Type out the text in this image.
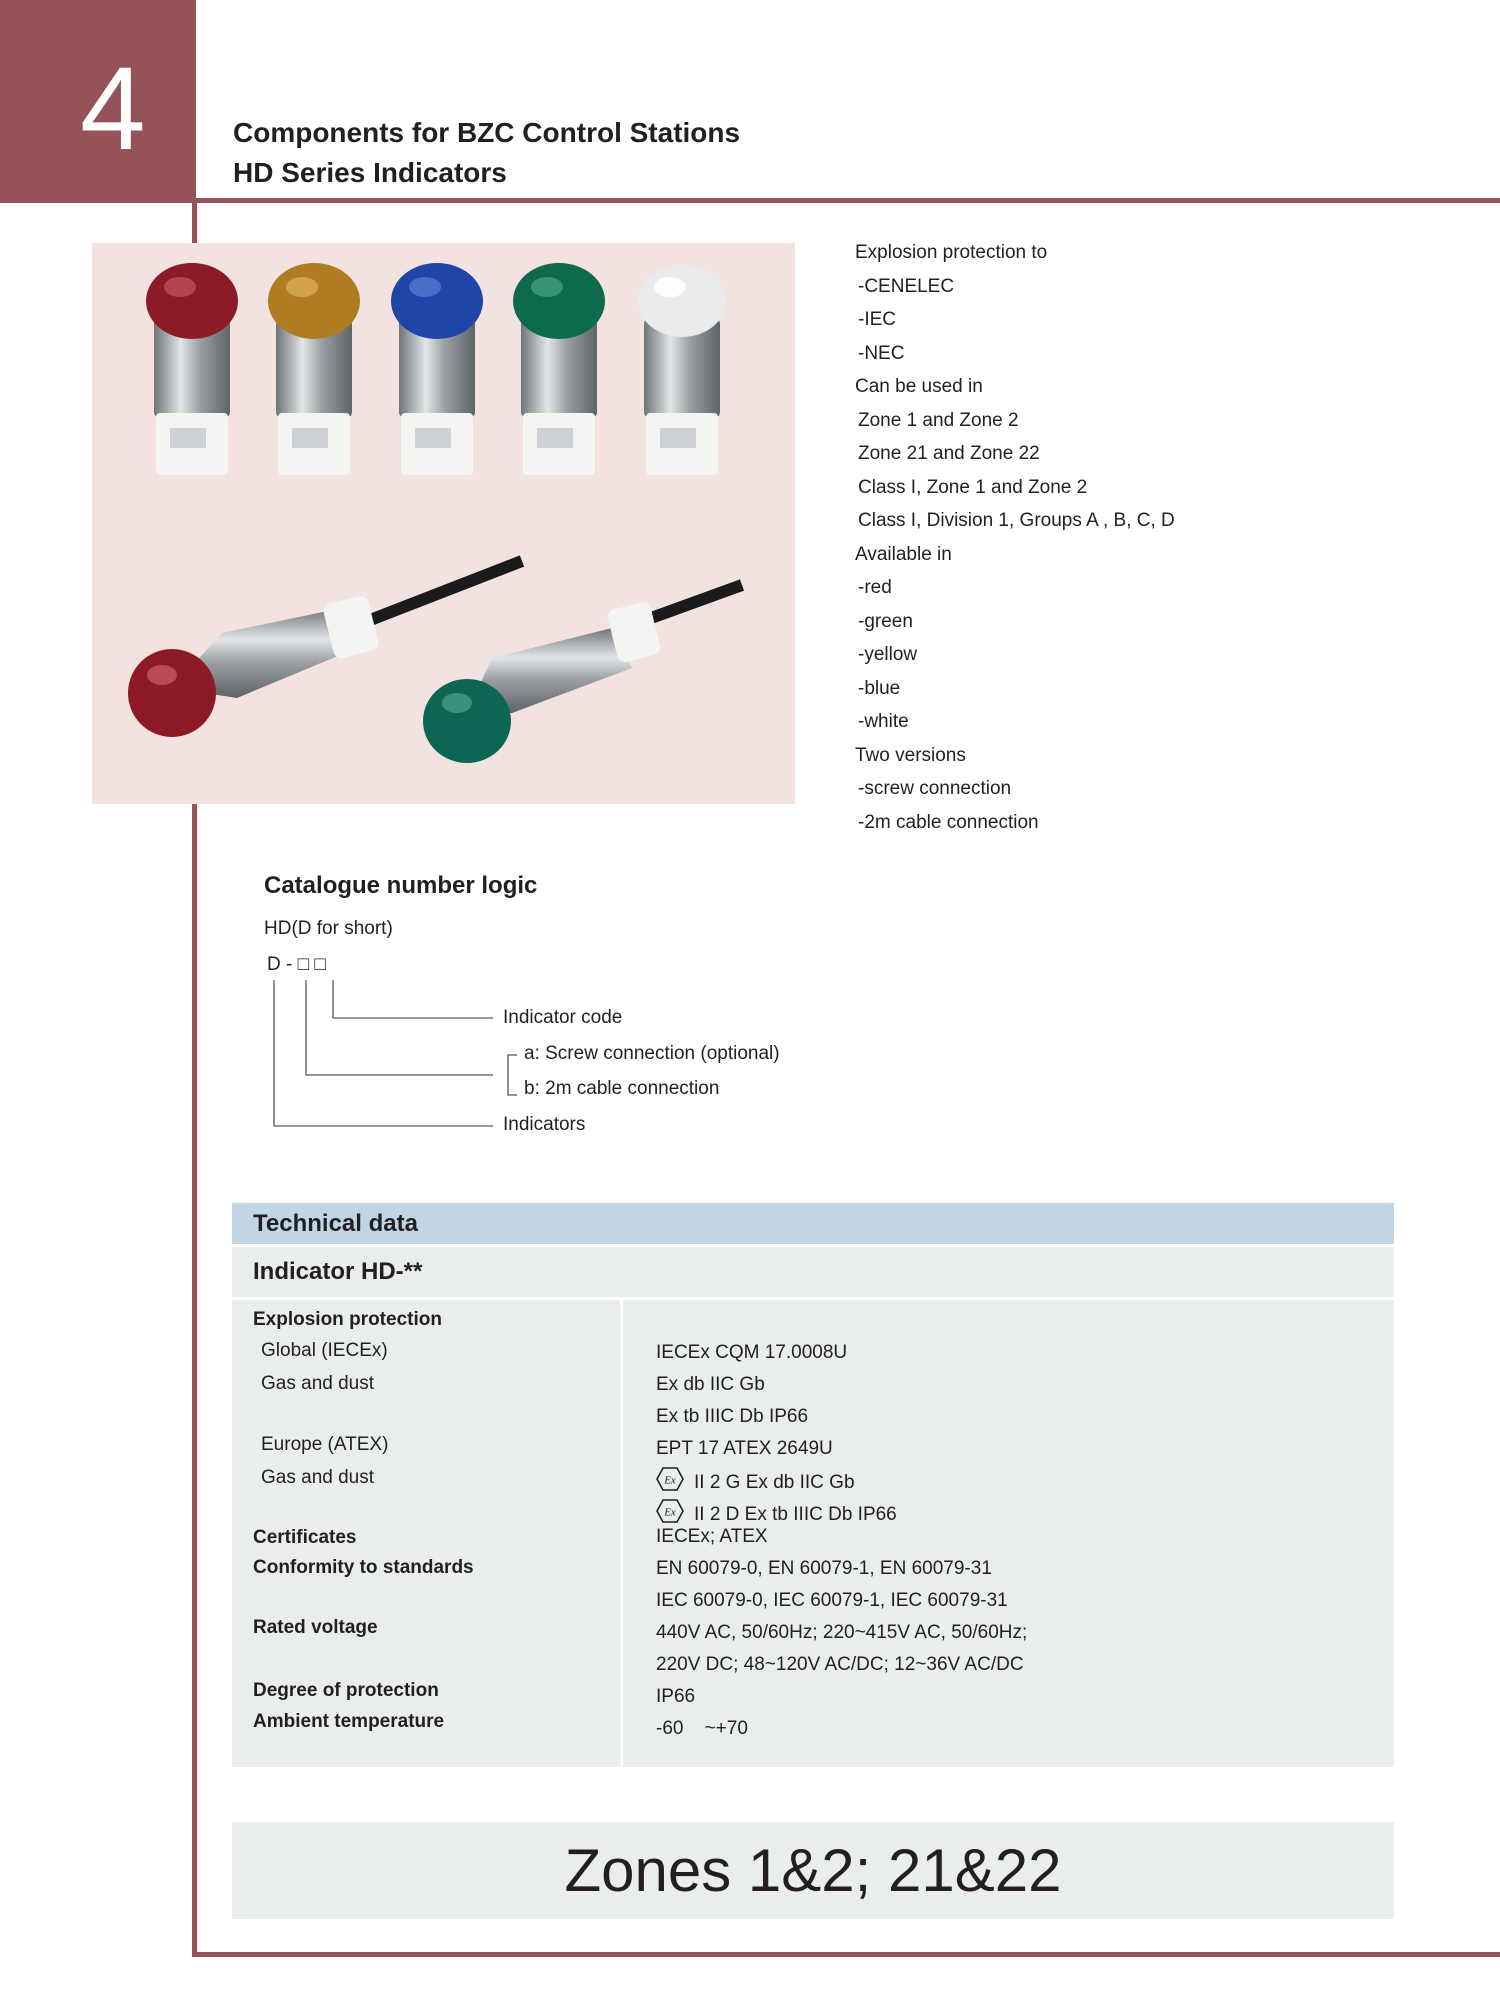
4	Components for BZC Control Stations
HD Series Indicators
Explosion protection to
-CENELEC
-IEC
-NEC
Can be used in
Zone 1 and Zone 2
Zone 21 and Zone 22
Class I, Zone 1 and Zone 2
Class I, Division 1, Groups A , B, C, D
Available in
-red
-green
-yellow
-blue
-white
Two versions
-screw connection
-2m cable connection
Catalogue number logic
HD(D for short)
D - □ □
Indicator code
a: Screw connection (optional)
b: 2m cable connection
Indicators
Technical data
Indicator HD-**
Explosion protection
Global (IECEx)
Gas and dust
Europe (ATEX)
Gas and dust
Certificates
Conformity to standards
Rated voltage
Degree of protection
Ambient temperature
IECEx CQM 17.0008U
Ex db IIC Gb
Ex tb IIIC Db IP66
EPT 17 ATEX 2649U
Ex II 2 G Ex db IIC Gb
Ex II 2 D Ex tb IIIC Db IP66
IECEx; ATEX
EN 60079-0, EN 60079-1, EN 60079-31
IEC 60079-0, IEC 60079-1, IEC 60079-31
440V AC, 50/60Hz; 220~415V AC, 50/60Hz;
220V DC; 48~120V AC/DC; 12~36V AC/DC
IP66
-60    ~+70
Zones 1&2; 21&22
